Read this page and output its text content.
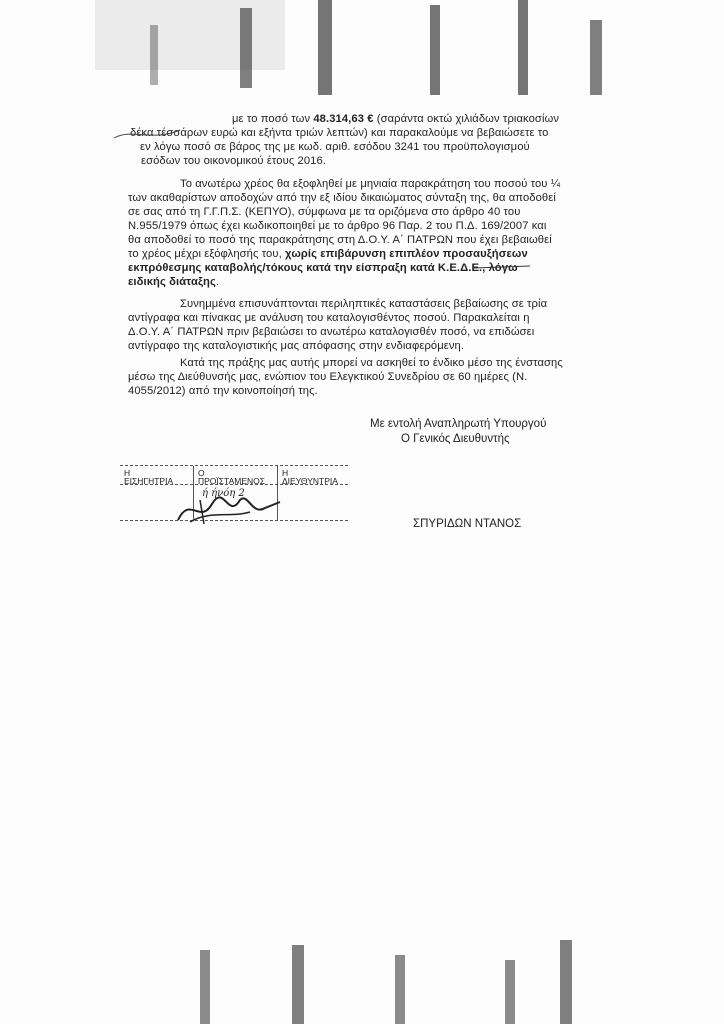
με το ποσό των 48.314,63 € (σαράντα οκτώ χιλιάδων τριακοσίων
δέκα τέσσάρων ευρώ και εξήντα τριών λεπτών) και παρακαλούμε να βεβαιώσετε το
εν λόγω ποσό σε βάρος της με κωδ. αριθ. εσόδου 3241 του προϋπολογισμού
εσόδων του οικονομικού έτους 2016.
Το ανωτέρω χρέος θα εξοφληθεί με μηνιαία παρακράτηση του ποσού του ¼
των ακαθαρίστων αποδοχών από την εξ ιδίου δικαιώματος σύνταξη της, θα αποδοθεί
σε σας από τη Γ.Γ.Π.Σ. (ΚΕΠΥΟ), σύμφωνα με τα οριζόμενα στο άρθρο 40 του
Ν.955/1979 όπως έχει κωδικοποιηθεί με το άρθρο 96 Παρ. 2 του Π.Δ. 169/2007 και
θα αποδοθεί το ποσό της παρακράτησης στη Δ.Ο.Υ. Α΄ ΠΑΤΡΩΝ που έχει βεβαιωθεί
το χρέος μέχρι εξόφλησής του, χωρίς επιβάρυνση επιπλέον προσαυξήσεων
εκπρόθεσμης καταβολής/τόκους κατά την είσπραξη κατά Κ.Ε.Δ.Ε., λόγω
ειδικής διάταξης.
Συνημμένα επισυνάπτονται περιληπτικές καταστάσεις βεβαίωσης σε τρία
αντίγραφα και πίνακας με ανάλυση του καταλογισθέντος ποσού. Παρακαλείται η
Δ.Ο.Υ. Α΄ ΠΑΤΡΩΝ πριν βεβαιώσει το ανωτέρω καταλογισθέν ποσό, να επιδώσει
αντίγραφο της καταλογιστικής μας απόφασης στην ενδιαφερόμενη.
Κατά της πράξης μας αυτής μπορεί να ασκηθεί το ένδικο μέσο της ένστασης
μέσω της Διεύθυνσής μας, ενώπιον του Ελεγκτικού Συνεδρίου σε 60 ημέρες (Ν.
4055/2012) από την κοινοποίησή της.
Με εντολή Αναπληρωτή Υπουργού
Ο Γενικός Διευθυντής
ΣΠΥΡΙΔΩΝ ΝΤΑΝΟΣ
Η
ΕΙΣΗΓΗΤΡΙΑ
Ο
ΠΡΟΪΣΤΑΜΕΝΟΣ
Η
ΔΙΕΥΘΥΝΤΡΙΑ
ή ήνόη 2
